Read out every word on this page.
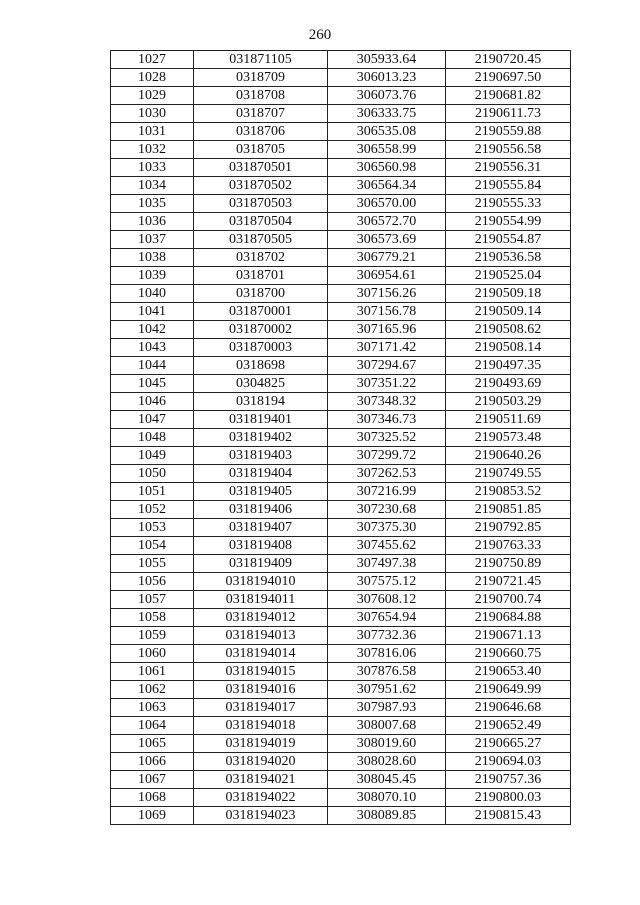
260
1027	031871105	305933.64	2190720.45
1028	0318709	306013.23	2190697.50
1029	0318708	306073.76	2190681.82
1030	0318707	306333.75	2190611.73
1031	0318706	306535.08	2190559.88
1032	0318705	306558.99	2190556.58
1033	031870501	306560.98	2190556.31
1034	031870502	306564.34	2190555.84
1035	031870503	306570.00	2190555.33
1036	031870504	306572.70	2190554.99
1037	031870505	306573.69	2190554.87
1038	0318702	306779.21	2190536.58
1039	0318701	306954.61	2190525.04
1040	0318700	307156.26	2190509.18
1041	031870001	307156.78	2190509.14
1042	031870002	307165.96	2190508.62
1043	031870003	307171.42	2190508.14
1044	0318698	307294.67	2190497.35
1045	0304825	307351.22	2190493.69
1046	0318194	307348.32	2190503.29
1047	031819401	307346.73	2190511.69
1048	031819402	307325.52	2190573.48
1049	031819403	307299.72	2190640.26
1050	031819404	307262.53	2190749.55
1051	031819405	307216.99	2190853.52
1052	031819406	307230.68	2190851.85
1053	031819407	307375.30	2190792.85
1054	031819408	307455.62	2190763.33
1055	031819409	307497.38	2190750.89
1056	0318194010	307575.12	2190721.45
1057	0318194011	307608.12	2190700.74
1058	0318194012	307654.94	2190684.88
1059	0318194013	307732.36	2190671.13
1060	0318194014	307816.06	2190660.75
1061	0318194015	307876.58	2190653.40
1062	0318194016	307951.62	2190649.99
1063	0318194017	307987.93	2190646.68
1064	0318194018	308007.68	2190652.49
1065	0318194019	308019.60	2190665.27
1066	0318194020	308028.60	2190694.03
1067	0318194021	308045.45	2190757.36
1068	0318194022	308070.10	2190800.03
1069	0318194023	308089.85	2190815.43
